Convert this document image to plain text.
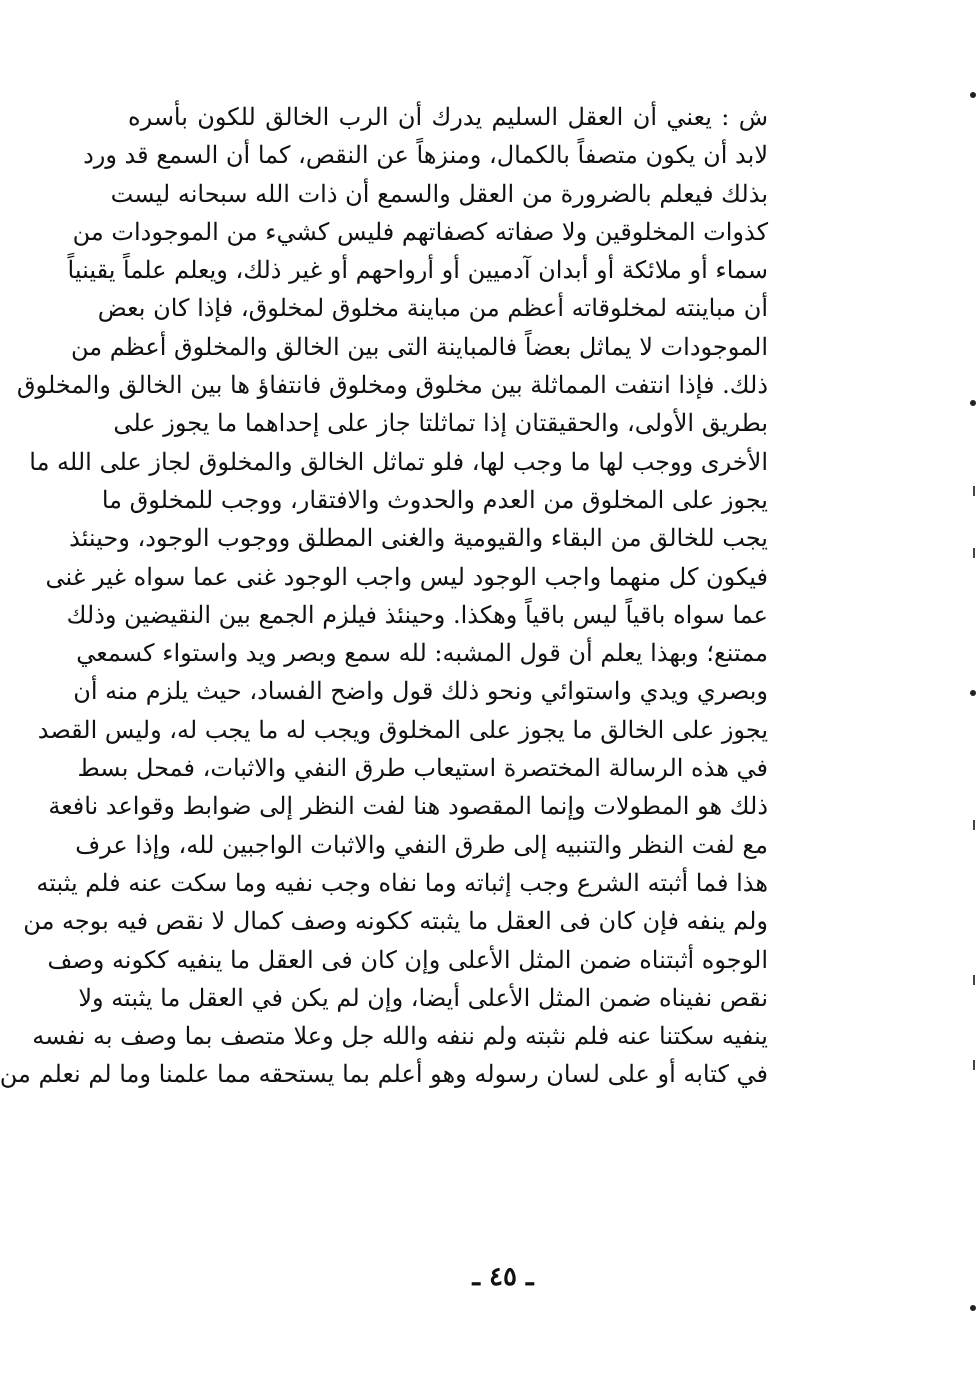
ش : يعني أن العقل السليم يدرك أن الرب الخالق للكون بأسره
لابد أن يكون متصفاً بالكمال، ومنزهاً عن النقص، كما أن السمع قد ورد
بذلك فيعلم بالضرورة من العقل والسمع أن ذات الله سبحانه ليست
كذوات المخلوقين ولا صفاته كصفاتهم فليس كشيء من الموجودات من
سماء أو ملائكة أو أبدان آدميين أو أرواحهم أو غير ذلك، ويعلم علماً يقينياً
أن مباينته لمخلوقاته أعظم من مباينة مخلوق لمخلوق، فإذا كان بعض
الموجودات لا يماثل بعضاً فالمباينة التى بين الخالق والمخلوق أعظم من
ذلك. فإذا انتفت المماثلة بين مخلوق ومخلوق فانتفاؤ ها بين الخالق والمخلوق
بطريق الأولى، والحقيقتان إذا تماثلتا جاز على إحداهما ما يجوز على
الأخرى ووجب لها ما وجب لها، فلو تماثل الخالق والمخلوق لجاز على الله ما
يجوز على المخلوق من العدم والحدوث والافتقار، ووجب للمخلوق ما
يجب للخالق من البقاء والقيومية والغنى المطلق ووجوب الوجود، وحينئذ
فيكون كل منهما واجب الوجود ليس واجب الوجود غنى عما سواه غير غنى
عما سواه باقياً ليس باقياً وهكذا. وحينئذ فيلزم الجمع بين النقيضين وذلك
ممتنع؛ وبهذا يعلم أن قول المشبه: لله سمع وبصر ويد واستواء كسمعي
وبصري ويدي واستوائي ونحو ذلك قول واضح الفساد، حيث يلزم منه أن
يجوز على الخالق ما يجوز على المخلوق ويجب له ما يجب له، وليس القصد
في هذه الرسالة المختصرة استيعاب طرق النفي والاثبات، فمحل بسط
ذلك هو المطولات وإنما المقصود هنا لفت النظر إلى ضوابط وقواعد نافعة
مع لفت النظر والتنبيه إلى طرق النفي والاثبات الواجبين لله، وإذا عرف
هذا فما أثبته الشرع وجب إثباته وما نفاه وجب نفيه وما سكت عنه فلم يثبته
ولم ينفه فإن كان فى العقل ما يثبته ككونه وصف كمال لا نقص فيه بوجه من
الوجوه أثبتناه ضمن المثل الأعلى وإن كان فى العقل ما ينفيه ككونه وصف
نقص نفيناه ضمن المثل الأعلى أيضا، وإن لم يكن في العقل ما يثبته ولا
ينفيه سكتنا عنه فلم نثبته ولم ننفه والله جل وعلا متصف بما وصف به نفسه
في كتابه أو على لسان رسوله وهو أعلم بما يستحقه مما علمنا وما لم نعلم من
ـ ٤٥ ـ
